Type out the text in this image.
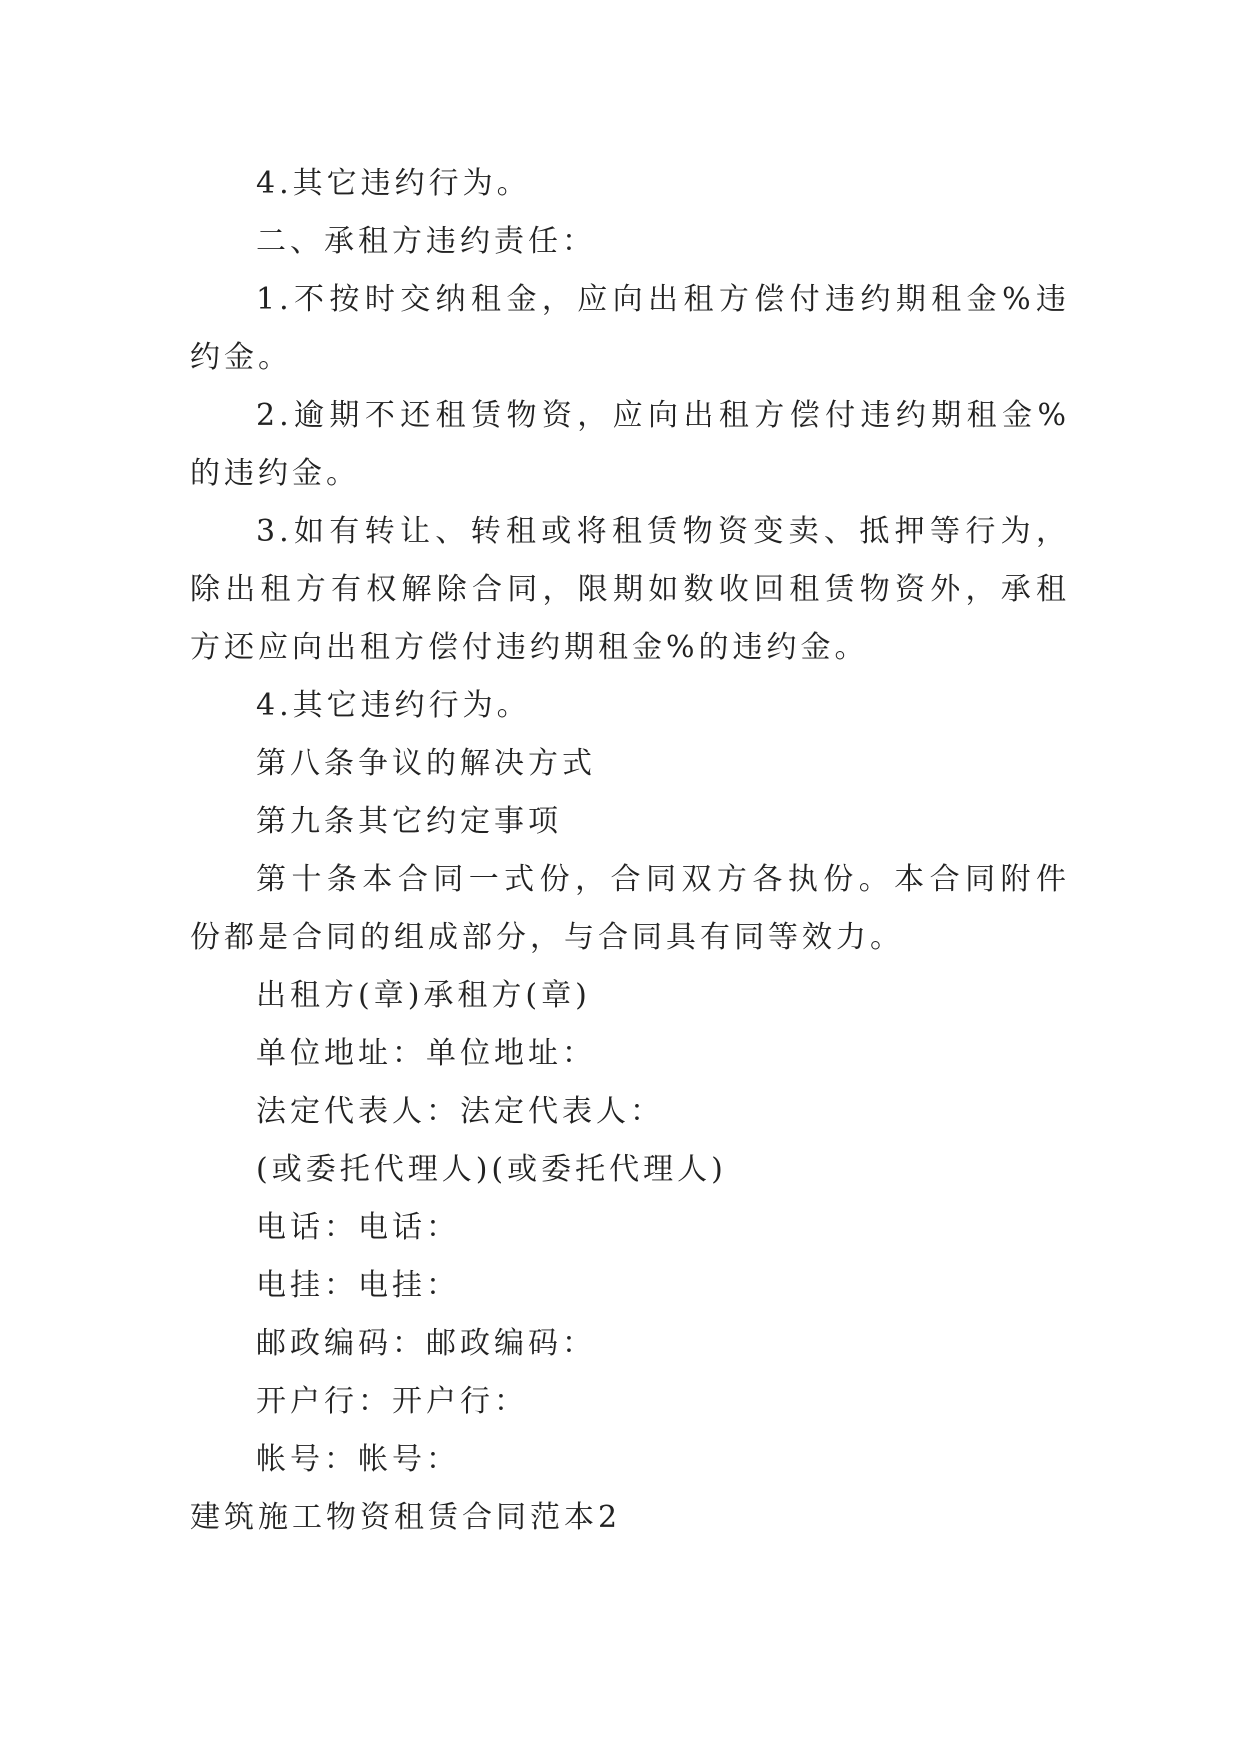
4.其它违约行为。

二、承租方违约责任：

1.不按时交纳租金，应向出租方偿付违约期租金%违约金。

2.逾期不还租赁物资，应向出租方偿付违约期租金%的违约金。

3.如有转让、转租或将租赁物资变卖、抵押等行为，除出租方有权解除合同，限期如数收回租赁物资外，承租方还应向出租方偿付违约期租金%的违约金。

4.其它违约行为。

第八条争议的解决方式

第九条其它约定事项

第十条本合同一式份，合同双方各执份。本合同附件份都是合同的组成部分，与合同具有同等效力。

出租方(章)承租方(章)

单位地址：单位地址：

法定代表人：法定代表人：

(或委托代理人)(或委托代理人)

电话：电话：

电挂：电挂：

邮政编码：邮政编码：

开户行：开户行：

帐号：帐号：

建筑施工物资租赁合同范本2
